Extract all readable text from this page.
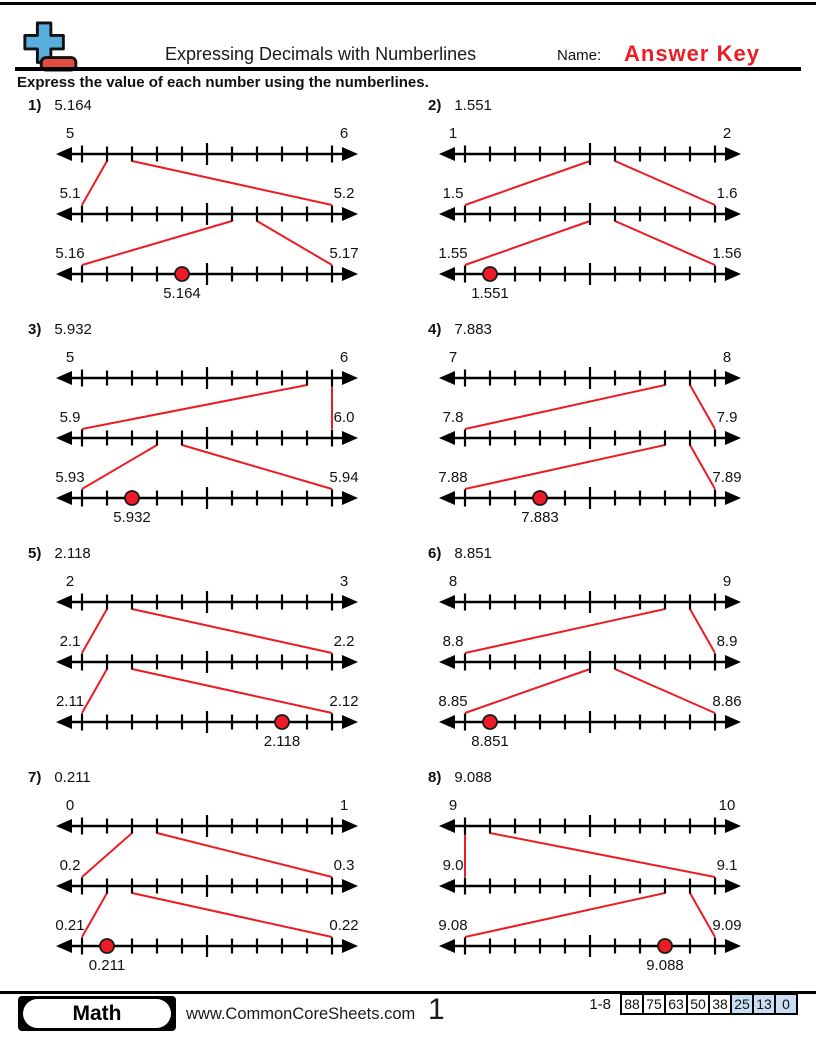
Expressing Decimals with Numberlines	Name: Answer Key
Express the value of each number using the numberlines.
1) 5.164
5	6
5.1	5.2
5.16	5.17
5.164
2) 1.551
1	2
1.5	1.6
1.55	1.56
1.551
3) 5.932
5	6
5.9	6.0
5.93	5.94
5.932
4) 7.883
7	8
7.8	7.9
7.88	7.89
7.883
5) 2.118
2	3
2.1	2.2
2.11	2.12
2.118
6) 8.851
8	9
8.8	8.9
8.85	8.86
8.851
7) 0.211
0	1
0.2	0.3
0.21	0.22
0.211
8) 9.088
9	10
9.0	9.1
9.08	9.09
9.088
Math	www.CommonCoreSheets.com 1	1-8 88 75 63 50 38 25 13 0
